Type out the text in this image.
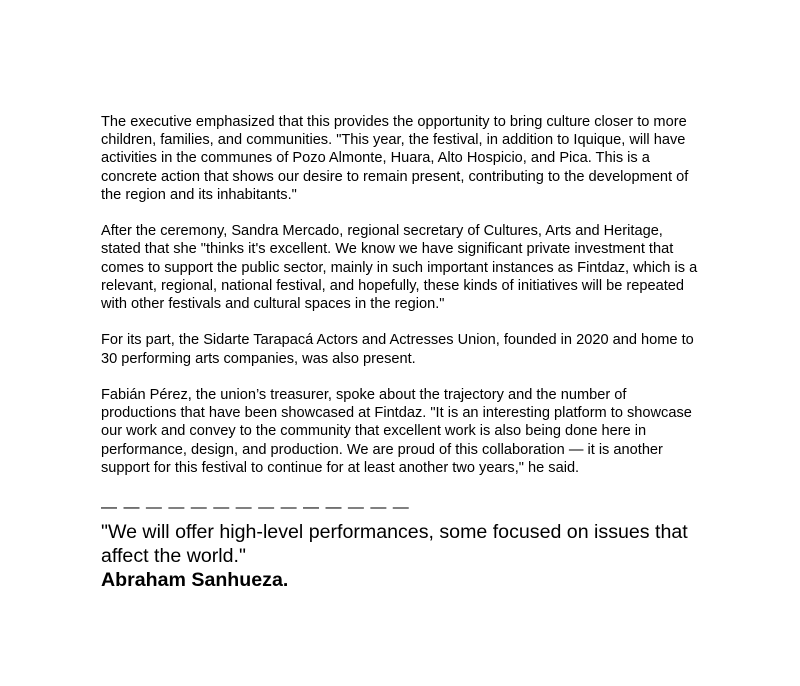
The executive emphasized that this provides the opportunity to bring culture closer to more children, families, and communities. "This year, the festival, in addition to Iquique, will have activities in the communes of Pozo Almonte, Huara, Alto Hospicio, and Pica. This is a concrete action that shows our desire to remain present, contributing to the development of the region and its inhabitants."

After the ceremony, Sandra Mercado, regional secretary of Cultures, Arts and Heritage, stated that she "thinks it's excellent. We know we have significant private investment that comes to support the public sector, mainly in such important instances as Fintdaz, which is a relevant, regional, national festival, and hopefully, these kinds of initiatives will be repeated with other festivals and cultural spaces in the region."

For its part, the Sidarte Tarapacá Actors and Actresses Union, founded in 2020 and home to 30 performing arts companies, was also present.

Fabián Pérez, the union’s treasurer, spoke about the trajectory and the number of productions that have been showcased at Fintdaz. "It is an interesting platform to showcase our work and convey to the community that excellent work is also being done here in performance, design, and production. We are proud of this collaboration — it is another support for this festival to continue for at least another two years," he said.

— — — — — — — — — — — — — —

"We will offer high-level performances, some focused on issues that affect the world."

Abraham Sanhueza.
